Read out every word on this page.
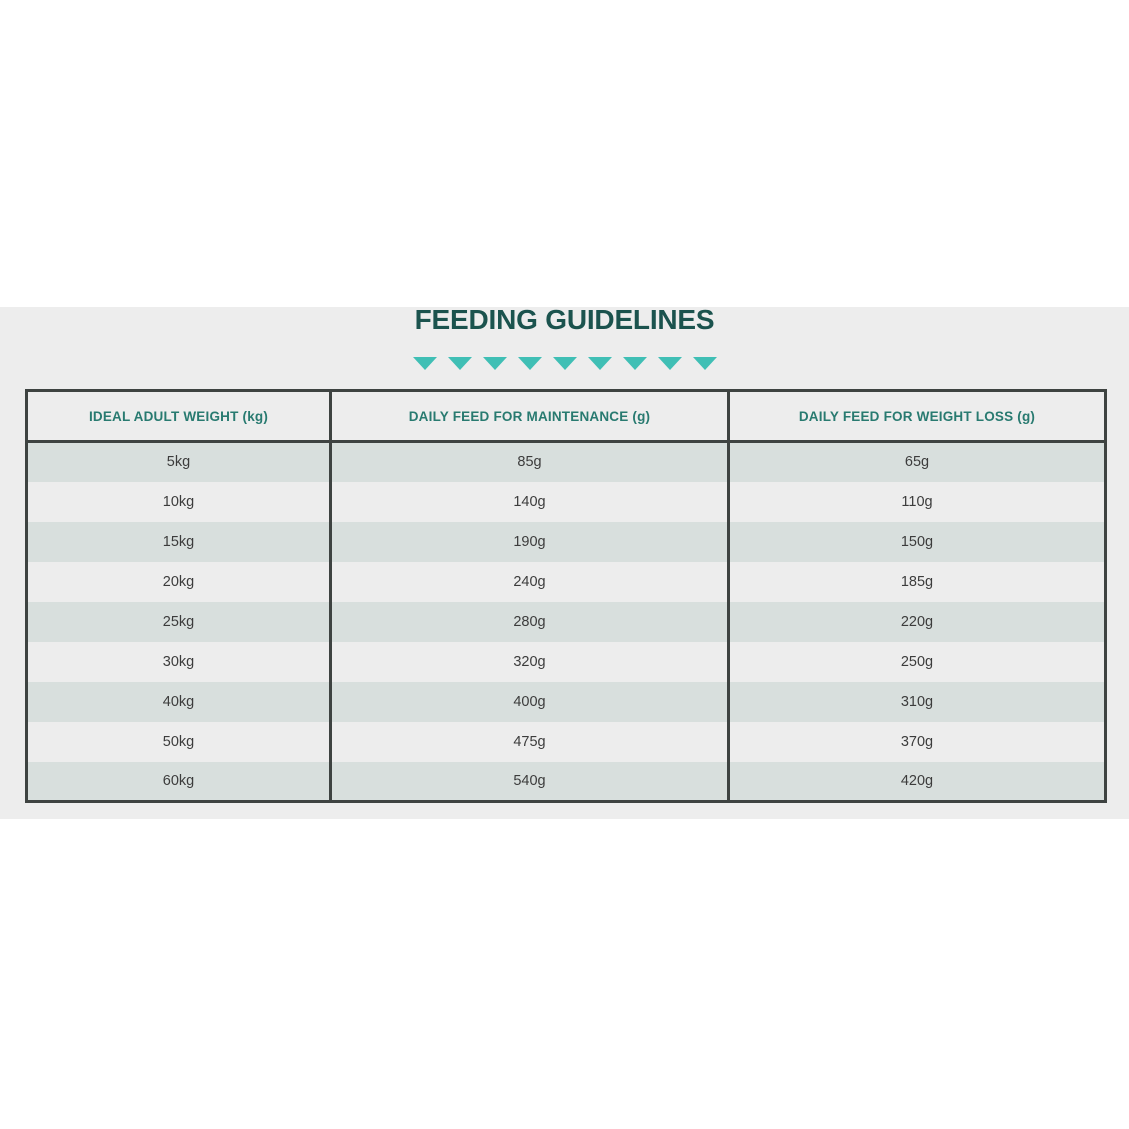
FEEDING GUIDELINES
IDEAL ADULT WEIGHT (kg)	DAILY FEED FOR MAINTENANCE (g)	DAILY FEED FOR WEIGHT LOSS (g)
5kg	85g	65g
10kg	140g	110g
15kg	190g	150g
20kg	240g	185g
25kg	280g	220g
30kg	320g	250g
40kg	400g	310g
50kg	475g	370g
60kg	540g	420g
